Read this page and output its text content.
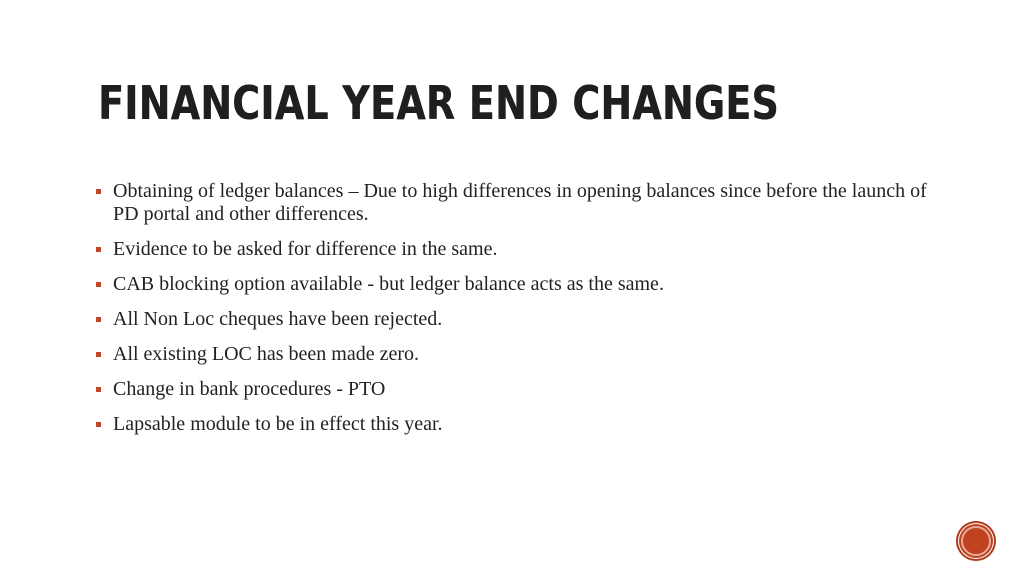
FINANCIAL YEAR END CHANGES
Obtaining of ledger balances – Due to high differences in opening balances since before the launch of PD portal and other differences.
Evidence to be asked for difference in the same.
CAB blocking option available - but ledger balance acts as the same.
All Non Loc cheques have been rejected.
All existing LOC has been made zero.
Change in bank procedures - PTO
Lapsable module to be in effect this year.
